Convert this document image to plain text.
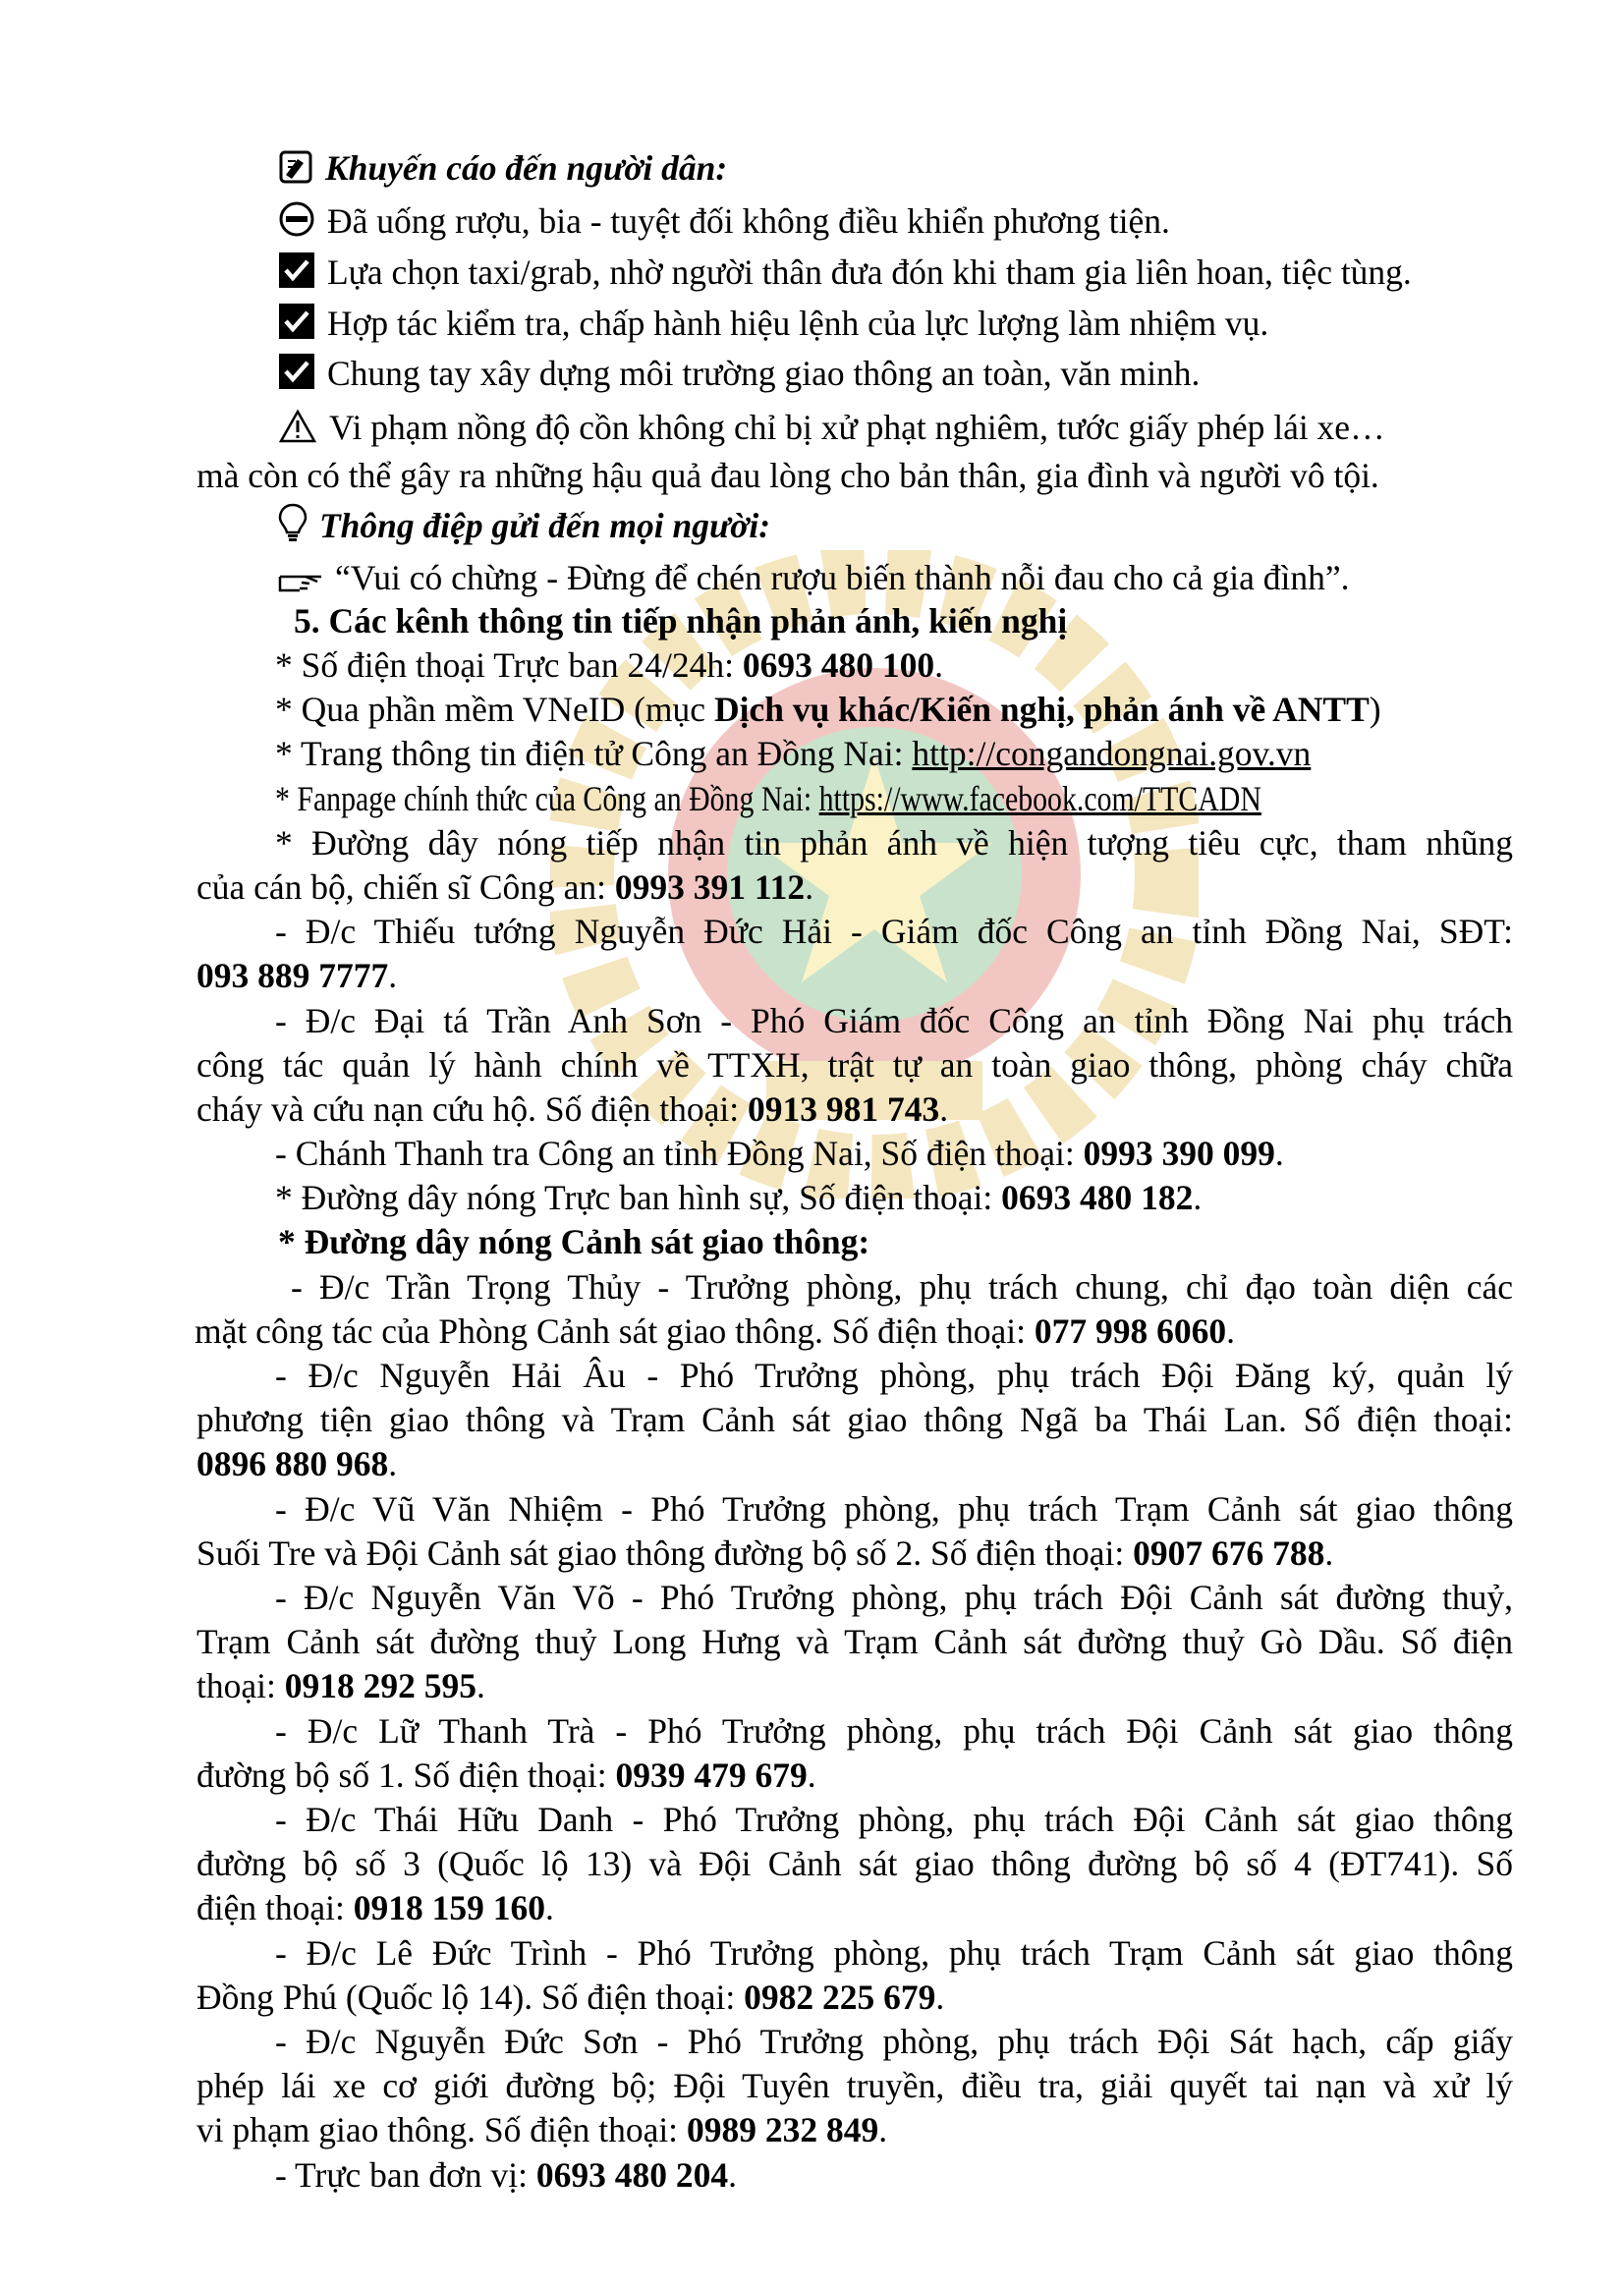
Khuyến cáo đến người dân:
Đã uống rượu, bia - tuyệt đối không điều khiển phương tiện.
Lựa chọn taxi/grab, nhờ người thân đưa đón khi tham gia liên hoan, tiệc tùng.
Hợp tác kiểm tra, chấp hành hiệu lệnh của lực lượng làm nhiệm vụ.
Chung tay xây dựng môi trường giao thông an toàn, văn minh.
Vi phạm nồng độ cồn không chỉ bị xử phạt nghiêm, tước giấy phép lái xe…
mà còn có thể gây ra những hậu quả đau lòng cho bản thân, gia đình và người vô tội.
Thông điệp gửi đến mọi người:
“Vui có chừng - Đừng để chén rượu biến thành nỗi đau cho cả gia đình”.
5. Các kênh thông tin tiếp nhận phản ánh, kiến nghị
* Số điện thoại Trực ban 24/24h: 0693 480 100.
* Qua phần mềm VNeID (mục Dịch vụ khác/Kiến nghị, phản ánh về ANTT)
* Trang thông tin điện tử Công an Đồng Nai: http://congandongnai.gov.vn
* Fanpage chính thức của Công an Đồng Nai: https://www.facebook.com/TTCADN
* Đường dây nóng tiếp nhận tin phản ánh về hiện tượng tiêu cực, tham nhũng
của cán bộ, chiến sĩ Công an: 0993 391 112.
- Đ/c Thiếu tướng Nguyễn Đức Hải - Giám đốc Công an tỉnh Đồng Nai, SĐT:
093 889 7777.
- Đ/c Đại tá Trần Anh Sơn - Phó Giám đốc Công an tỉnh Đồng Nai phụ trách
công tác quản lý hành chính về TTXH, trật tự an toàn giao thông, phòng cháy chữa
cháy và cứu nạn cứu hộ. Số điện thoại: 0913 981 743.
- Chánh Thanh tra Công an tỉnh Đồng Nai, Số điện thoại: 0993 390 099.
* Đường dây nóng Trực ban hình sự, Số điện thoại: 0693 480 182.
* Đường dây nóng Cảnh sát giao thông:
- Đ/c Trần Trọng Thủy - Trưởng phòng, phụ trách chung, chỉ đạo toàn diện các
mặt công tác của Phòng Cảnh sát giao thông. Số điện thoại: 077 998 6060.
- Đ/c Nguyễn Hải Âu - Phó Trưởng phòng, phụ trách Đội Đăng ký, quản lý
phương tiện giao thông và Trạm Cảnh sát giao thông Ngã ba Thái Lan. Số điện thoại:
0896 880 968.
- Đ/c Vũ Văn Nhiệm - Phó Trưởng phòng, phụ trách Trạm Cảnh sát giao thông
Suối Tre và Đội Cảnh sát giao thông đường bộ số 2. Số điện thoại: 0907 676 788.
- Đ/c Nguyễn Văn Võ - Phó Trưởng phòng, phụ trách Đội Cảnh sát đường thuỷ,
Trạm Cảnh sát đường thuỷ Long Hưng và Trạm Cảnh sát đường thuỷ Gò Dầu. Số điện
thoại: 0918 292 595.
- Đ/c Lữ Thanh Trà - Phó Trưởng phòng, phụ trách Đội Cảnh sát giao thông
đường bộ số 1. Số điện thoại: 0939 479 679.
- Đ/c Thái Hữu Danh - Phó Trưởng phòng, phụ trách Đội Cảnh sát giao thông
đường bộ số 3 (Quốc lộ 13) và Đội Cảnh sát giao thông đường bộ số 4 (ĐT741). Số
điện thoại: 0918 159 160.
- Đ/c Lê Đức Trình - Phó Trưởng phòng, phụ trách Trạm Cảnh sát giao thông
Đồng Phú (Quốc lộ 14). Số điện thoại: 0982 225 679.
- Đ/c Nguyễn Đức Sơn - Phó Trưởng phòng, phụ trách Đội Sát hạch, cấp giấy
phép lái xe cơ giới đường bộ; Đội Tuyên truyền, điều tra, giải quyết tai nạn và xử lý
vi phạm giao thông. Số điện thoại: 0989 232 849.
- Trực ban đơn vị: 0693 480 204.
